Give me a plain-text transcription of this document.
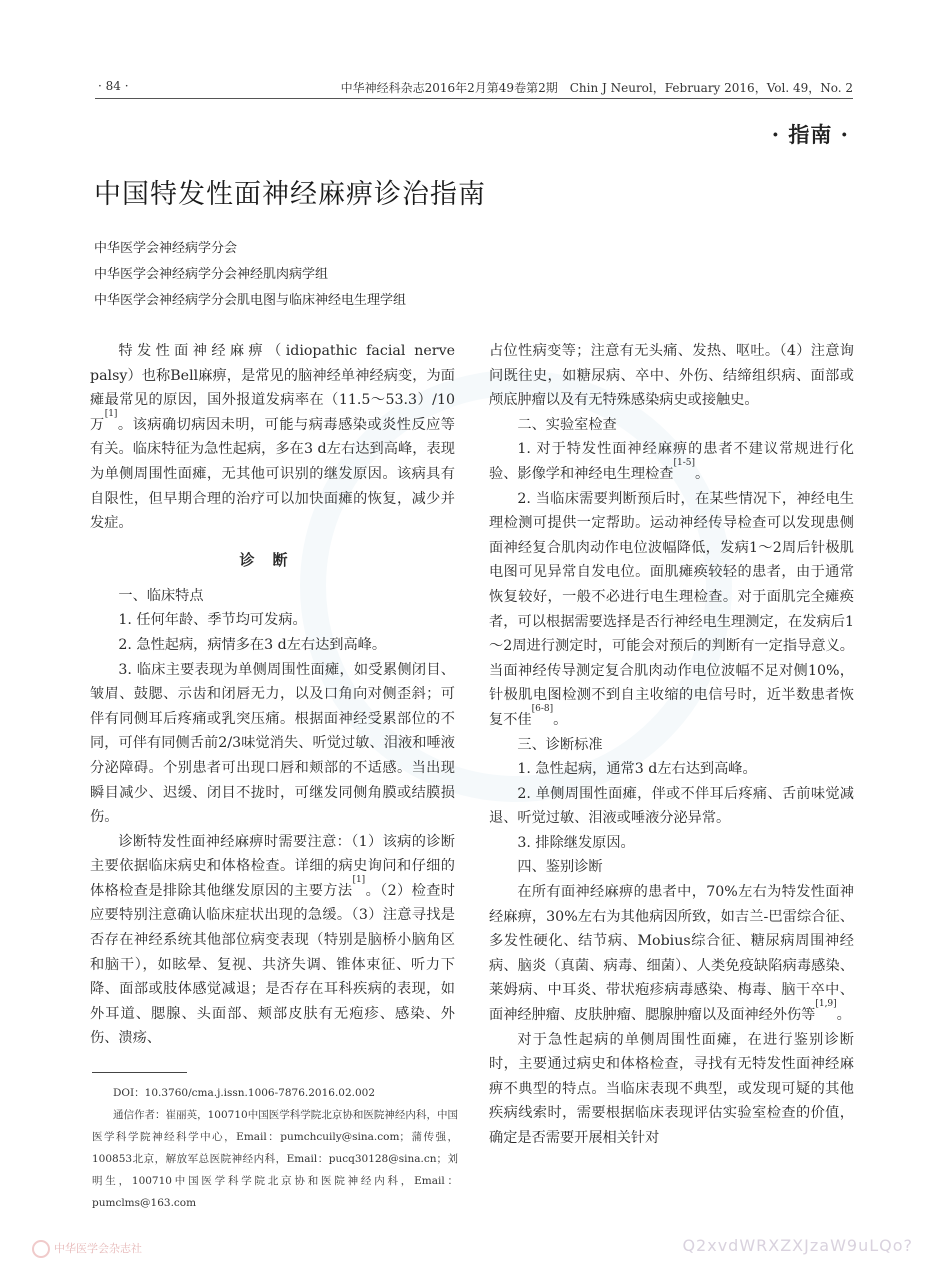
· 84 ·	中华神经科杂志2016年2月第49卷第2期　Chin J Neurol，February 2016，Vol. 49，No. 2
· 指南 ·
中国特发性面神经麻痹诊治指南
中华医学会神经病学分会
中华医学会神经病学分会神经肌肉病学组
中华医学会神经病学分会肌电图与临床神经电生理学组

特发性面神经麻痹（idiopathic facial nerve palsy）也称Bell麻痹，是常见的脑神经单神经病变，为面瘫最常见的原因，国外报道发病率在（11.5～53.3）/10万[1]。该病确切病因未明，可能与病毒感染或炎性反应等有关。临床特征为急性起病，多在3 d左右达到高峰，表现为单侧周围性面瘫，无其他可识别的继发原因。该病具有自限性，但早期合理的治疗可以加快面瘫的恢复，减少并发症。

诊断

一、临床特点

1. 任何年龄、季节均可发病。

2. 急性起病，病情多在3 d左右达到高峰。

3. 临床主要表现为单侧周围性面瘫，如受累侧闭目、皱眉、鼓腮、示齿和闭唇无力，以及口角向对侧歪斜；可伴有同侧耳后疼痛或乳突压痛。根据面神经受累部位的不同，可伴有同侧舌前2/3味觉消失、听觉过敏、泪液和唾液分泌障碍。个别患者可出现口唇和颊部的不适感。当出现瞬目减少、迟缓、闭目不拢时，可继发同侧角膜或结膜损伤。

诊断特发性面神经麻痹时需要注意：（1）该病的诊断主要依据临床病史和体格检查。详细的病史询问和仔细的体格检查是排除其他继发原因的主要方法[1]。（2）检查时应要特别注意确认临床症状出现的急缓。（3）注意寻找是否存在神经系统其他部位病变表现（特别是脑桥小脑角区和脑干），如眩晕、复视、共济失调、锥体束征、听力下降、面部或肢体感觉减退；是否存在耳科疾病的表现，如外耳道、腮腺、头面部、颊部皮肤有无疱疹、感染、外伤、溃疡、

DOI：10.3760/cma.j.issn.1006-7876.2016.02.002

通信作者：崔丽英，100710中国医学科学院北京协和医院神经内科，中国医学科学院神经科学中心，Email：pumchcuily@sina.com；蒲传强，100853北京，解放军总医院神经内科，Email：pucq30128@sina.cn；刘明生，100710中国医学科学院北京协和医院神经内科，Email：pumclms@163.com

占位性病变等；注意有无头痛、发热、呕吐。（4）注意询问既往史，如糖尿病、卒中、外伤、结缔组织病、面部或颅底肿瘤以及有无特殊感染病史或接触史。

二、实验室检查

1. 对于特发性面神经麻痹的患者不建议常规进行化验、影像学和神经电生理检查[1-5]。

2. 当临床需要判断预后时，在某些情况下，神经电生理检测可提供一定帮助。运动神经传导检查可以发现患侧面神经复合肌肉动作电位波幅降低，发病1～2周后针极肌电图可见异常自发电位。面肌瘫痪较轻的患者，由于通常恢复较好，一般不必进行电生理检查。对于面肌完全瘫痪者，可以根据需要选择是否行神经电生理测定，在发病后1～2周进行测定时，可能会对预后的判断有一定指导意义。当面神经传导测定复合肌肉动作电位波幅不足对侧10%，针极肌电图检测不到自主收缩的电信号时，近半数患者恢复不佳[6-8]。

三、诊断标准

1. 急性起病，通常3 d左右达到高峰。

2. 单侧周围性面瘫，伴或不伴耳后疼痛、舌前味觉减退、听觉过敏、泪液或唾液分泌异常。

3. 排除继发原因。

四、鉴别诊断

在所有面神经麻痹的患者中，70%左右为特发性面神经麻痹，30%左右为其他病因所致，如吉兰-巴雷综合征、多发性硬化、结节病、Mobius综合征、糖尿病周围神经病、脑炎（真菌、病毒、细菌）、人类免疫缺陷病毒感染、莱姆病、中耳炎、带状疱疹病毒感染、梅毒、脑干卒中、面神经肿瘤、皮肤肿瘤、腮腺肿瘤以及面神经外伤等[1,9]。

对于急性起病的单侧周围性面瘫，在进行鉴别诊断时，主要通过病史和体格检查，寻找有无特发性面神经麻痹不典型的特点。当临床表现不典型，或发现可疑的其他疾病线索时，需要根据临床表现评估实验室检查的价值，确定是否需要开展相关针对

中华医学会杂志社	Q2xvdWRXZXJzaW9uLQo?
